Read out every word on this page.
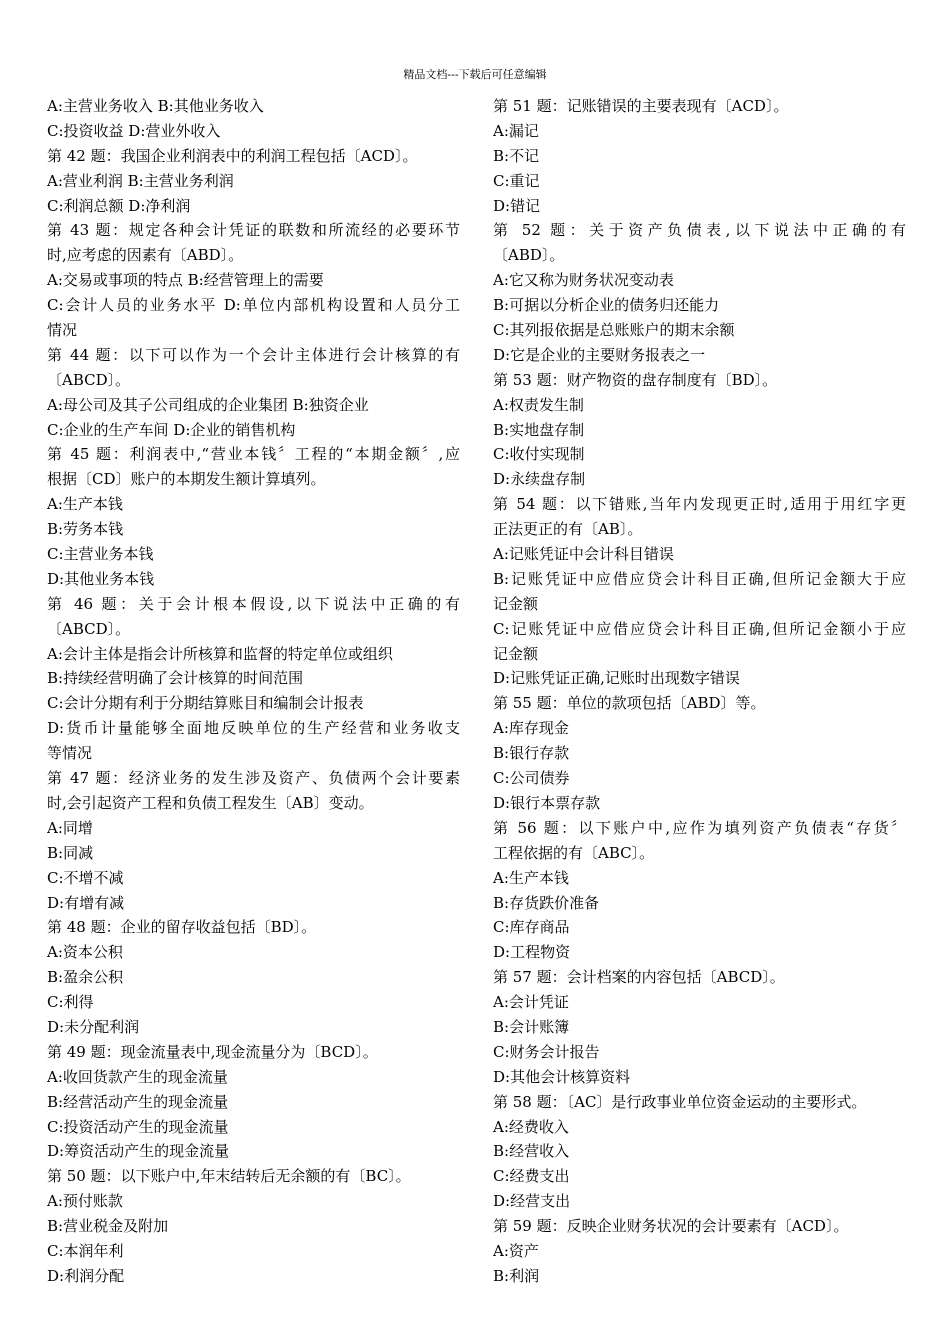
精品文档---下载后可任意编辑
A:主营业务收入 B:其他业务收入
C:投资收益 D:营业外收入
第 42 题：我国企业利润表中的利润工程包括〔ACD〕。
A:营业利润 B:主营业务利润
C:利润总额 D:净利润
第 43 题：规定各种会计凭证的联数和所流经的必要环节
时,应考虑的因素有〔ABD〕。
A:交易或事项的特点 B:经营管理上的需要
C:会计人员的业务水平 D:单位内部机构设置和人员分工
情况
第 44 题：以下可以作为一个会计主体进行会计核算的有
〔ABCD〕。
A:母公司及其子公司组成的企业集团 B:独资企业
C:企业的生产车间 D:企业的销售机构
第 45 题：利润表中,“营业本钱〞工程的“本期金额〞,应
根据〔CD〕账户的本期发生额计算填列。
A:生产本钱
B:劳务本钱
C:主营业务本钱
D:其他业务本钱
第 46 题：关于会计根本假设,以下说法中正确的有
〔ABCD〕。
A:会计主体是指会计所核算和监督的特定单位或组织
B:持续经营明确了会计核算的时间范围
C:会计分期有利于分期结算账目和编制会计报表
D:货币计量能够全面地反映单位的生产经营和业务收支
等情况
第 47 题：经济业务的发生涉及资产、负债两个会计要素
时,会引起资产工程和负债工程发生〔AB〕变动。
A:同增
B:同减
C:不增不减
D:有增有减
第 48 题：企业的留存收益包括〔BD〕。
A:资本公积
B:盈余公积
C:利得
D:未分配利润
第 49 题：现金流量表中,现金流量分为〔BCD〕。
A:收回货款产生的现金流量
B:经营活动产生的现金流量
C:投资活动产生的现金流量
D:筹资活动产生的现金流量
第 50 题：以下账户中,年末结转后无余额的有〔BC〕。
A:预付账款
B:营业税金及附加
C:本润年利
D:利润分配
第 51 题：记账错误的主要表现有〔ACD〕。
A:漏记
B:不记
C:重记
D:错记
第 52 题：关于资产负债表,以下说法中正确的有
〔ABD〕。
A:它又称为财务状况变动表
B:可据以分析企业的债务归还能力
C:其列报依据是总账账户的期末余额
D:它是企业的主要财务报表之一
第 53 题：财产物资的盘存制度有〔BD〕。
A:权责发生制
B:实地盘存制
C:收付实现制
D:永续盘存制
第 54 题：以下错账,当年内发现更正时,适用于用红字更
正法更正的有〔AB〕。
A:记账凭证中会计科目错误
B:记账凭证中应借应贷会计科目正确,但所记金额大于应
记金额
C:记账凭证中应借应贷会计科目正确,但所记金额小于应
记金额
D:记账凭证正确,记账时出现数字错误
第 55 题：单位的款项包括〔ABD〕等。
A:库存现金
B:银行存款
C:公司债券
D:银行本票存款
第 56 题：以下账户中,应作为填列资产负债表“存货〞
工程依据的有〔ABC〕。
A:生产本钱
B:存货跌价准备
C:库存商品
D:工程物资
第 57 题：会计档案的内容包括〔ABCD〕。
A:会计凭证
B:会计账簿
C:财务会计报告
D:其他会计核算资料
第 58 题：〔AC〕是行政事业单位资金运动的主要形式。
A:经费收入
B:经营收入
C:经费支出
D:经营支出
第 59 题：反映企业财务状况的会计要素有〔ACD〕。
A:资产
B:利润
